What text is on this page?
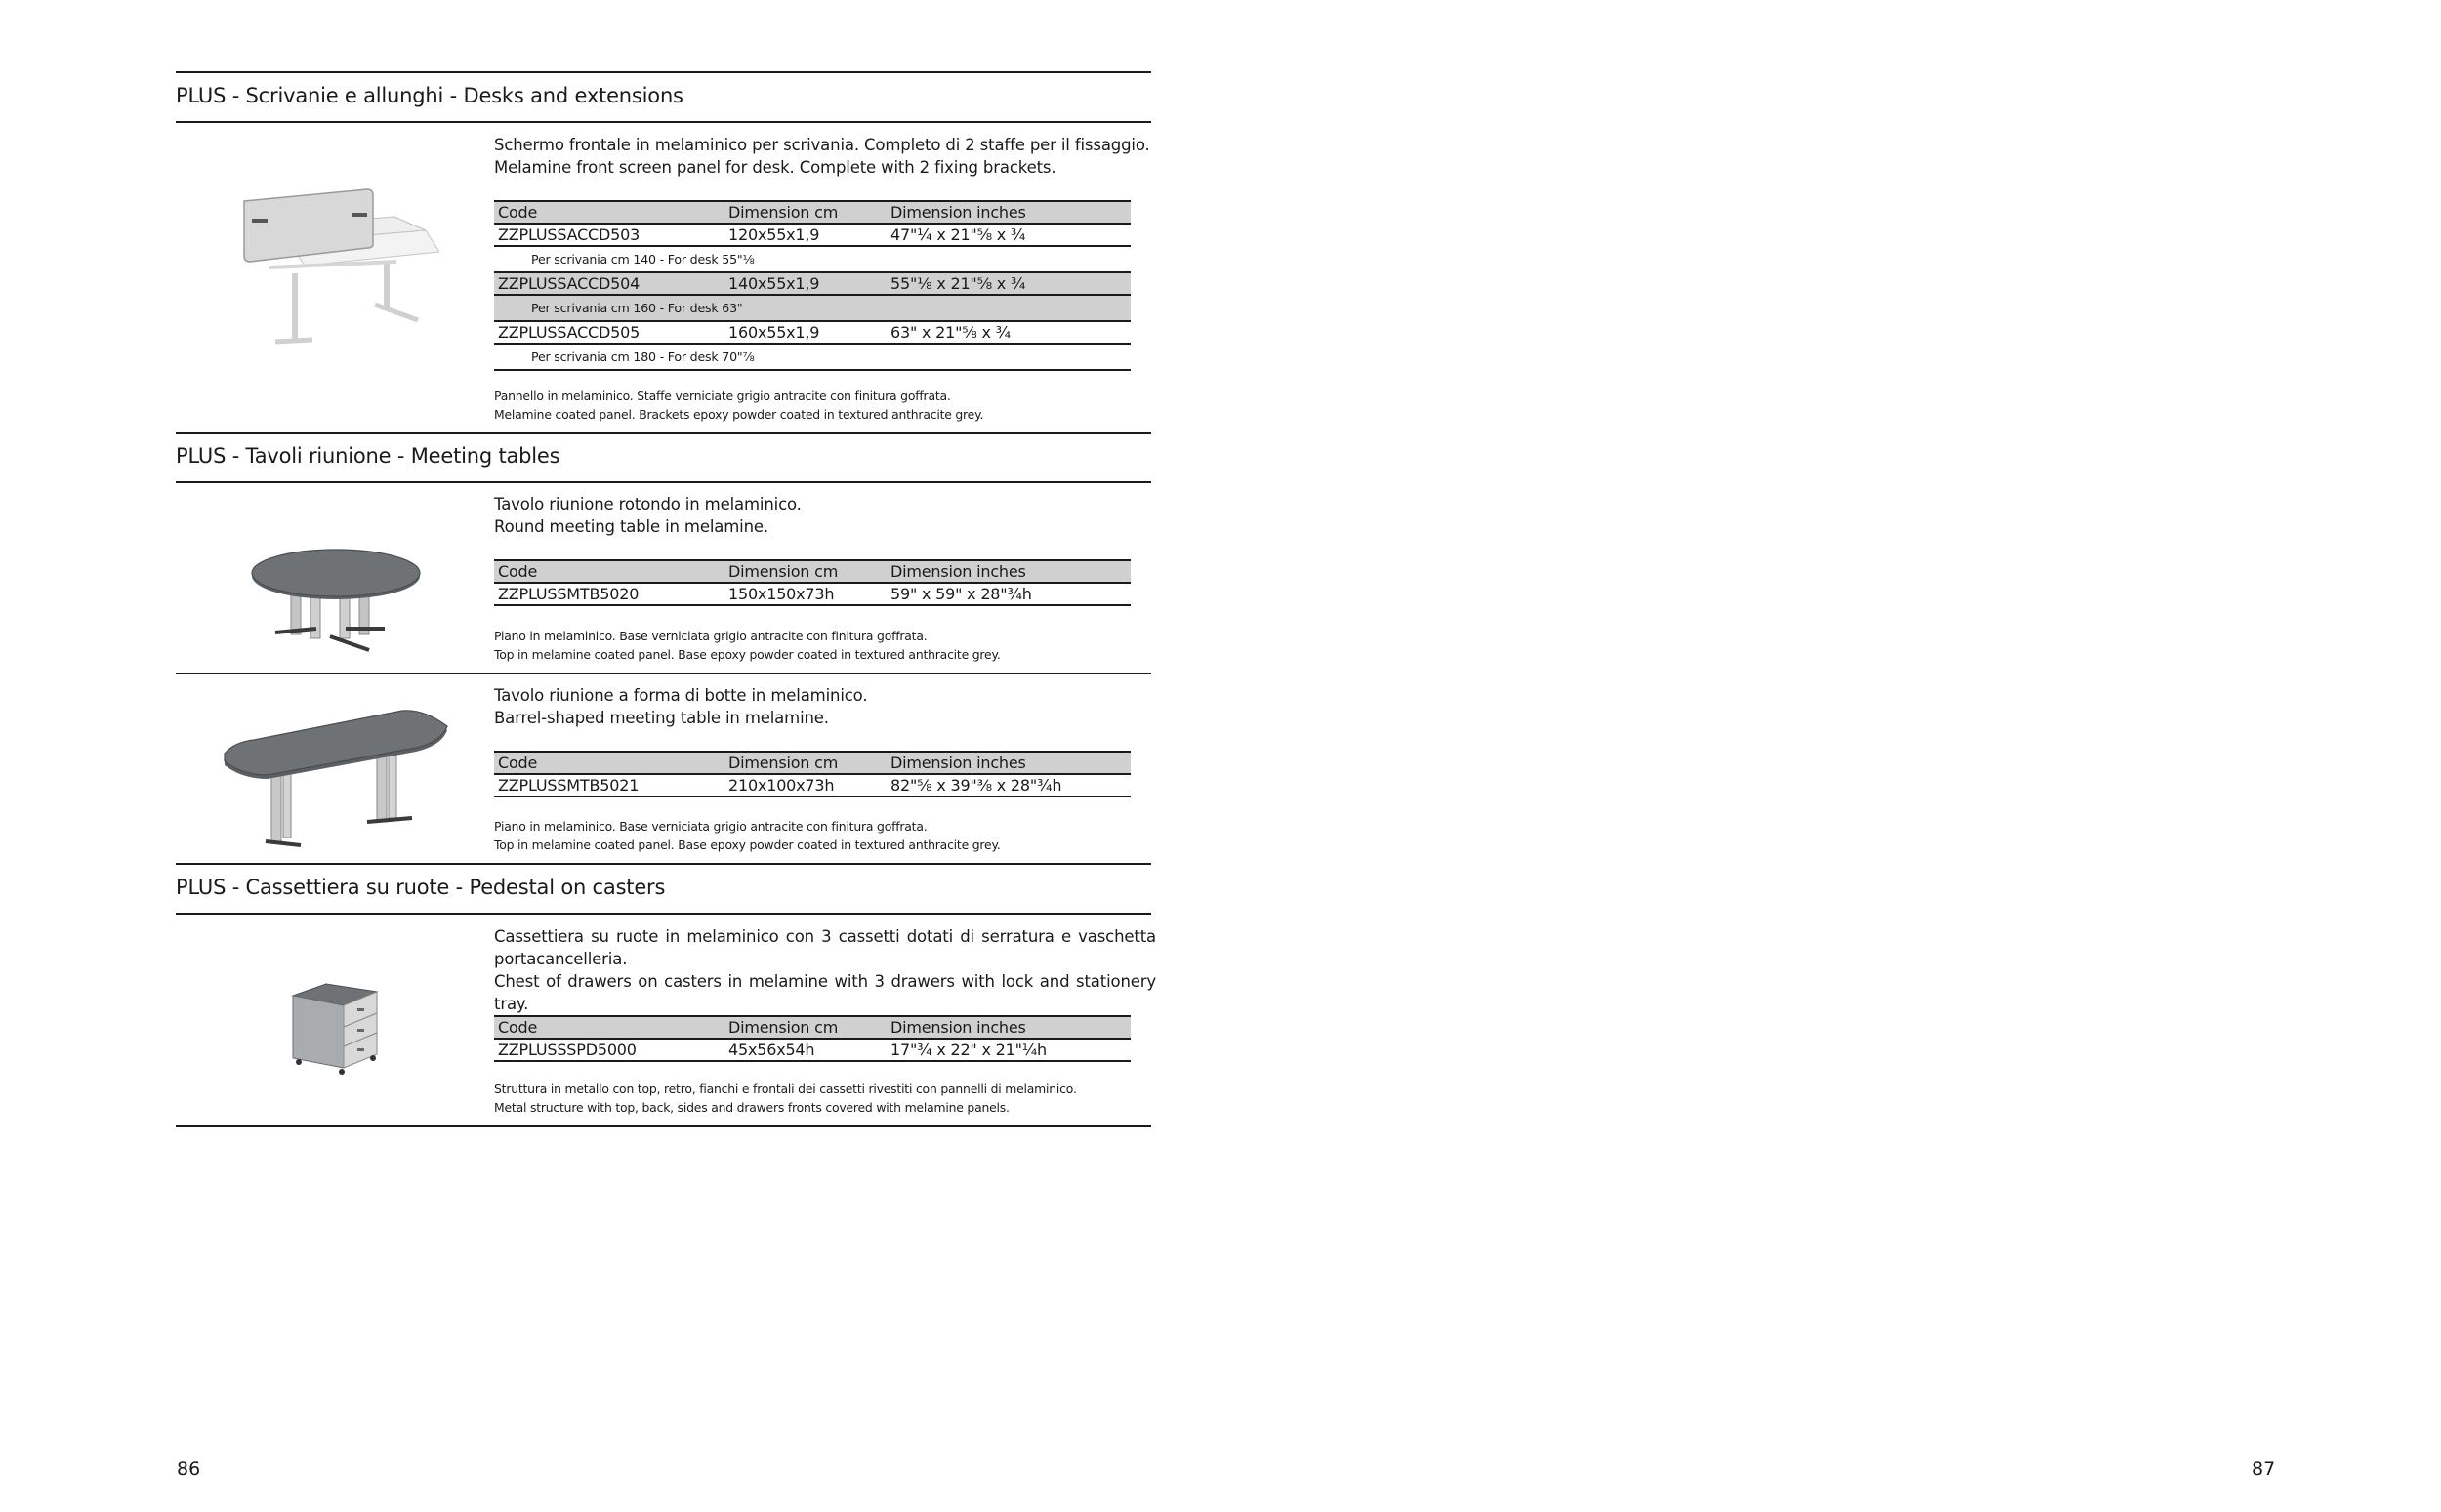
PLUS - Scrivanie e allunghi - Desks and extensions
Schermo frontale in melaminico per scrivania. Completo di 2 staffe per il fissaggio.
Melamine front screen panel for desk. Complete with 2 fixing brackets.
Code	Dimension cm	Dimension inches
ZZPLUSSACCD503	120x55x1,9	47"¼ x 21"⅝ x ¾
Per scrivania cm 140 - For desk 55"⅛		
ZZPLUSSACCD504	140x55x1,9	55"⅛ x 21"⅝ x ¾
Per scrivania cm 160 - For desk 63"		
ZZPLUSSACCD505	160x55x1,9	63" x 21"⅝ x ¾
Per scrivania cm 180 - For desk 70"⅞		
Pannello in melaminico. Staffe verniciate grigio antracite con finitura goffrata.
Melamine coated panel. Brackets epoxy powder coated in textured anthracite grey.
PLUS - Tavoli riunione - Meeting tables
Tavolo riunione rotondo in melaminico.
Round meeting table in melamine.
Code	Dimension cm	Dimension inches
ZZPLUSSMTB5020	150x150x73h	59" x 59" x 28"¾h
Piano in melaminico. Base verniciata grigio antracite con finitura goffrata.
Top in melamine coated panel. Base epoxy powder coated in textured anthracite grey.
Tavolo riunione a forma di botte in melaminico.
Barrel-shaped meeting table in melamine.
Code	Dimension cm	Dimension inches
ZZPLUSSMTB5021	210x100x73h	82"⅝ x 39"⅜ x 28"¾h
Piano in melaminico. Base verniciata grigio antracite con finitura goffrata.
Top in melamine coated panel. Base epoxy powder coated in textured anthracite grey.
PLUS - Cassettiera su ruote - Pedestal on casters
Cassettiera su ruote in melaminico con 3 cassetti dotati di serratura e vaschetta portacancelleria.
Chest of drawers on casters in melamine with 3 drawers with lock and stationery tray.
Code	Dimension cm	Dimension inches
ZZPLUSSSPD5000	45x56x54h	17"¾ x 22" x 21"¼h
Struttura in metallo con top, retro, fianchi e frontali dei cassetti rivestiti con pannelli di melaminico.
Metal structure with top, back, sides and drawers fronts covered with melamine panels.
86	87
